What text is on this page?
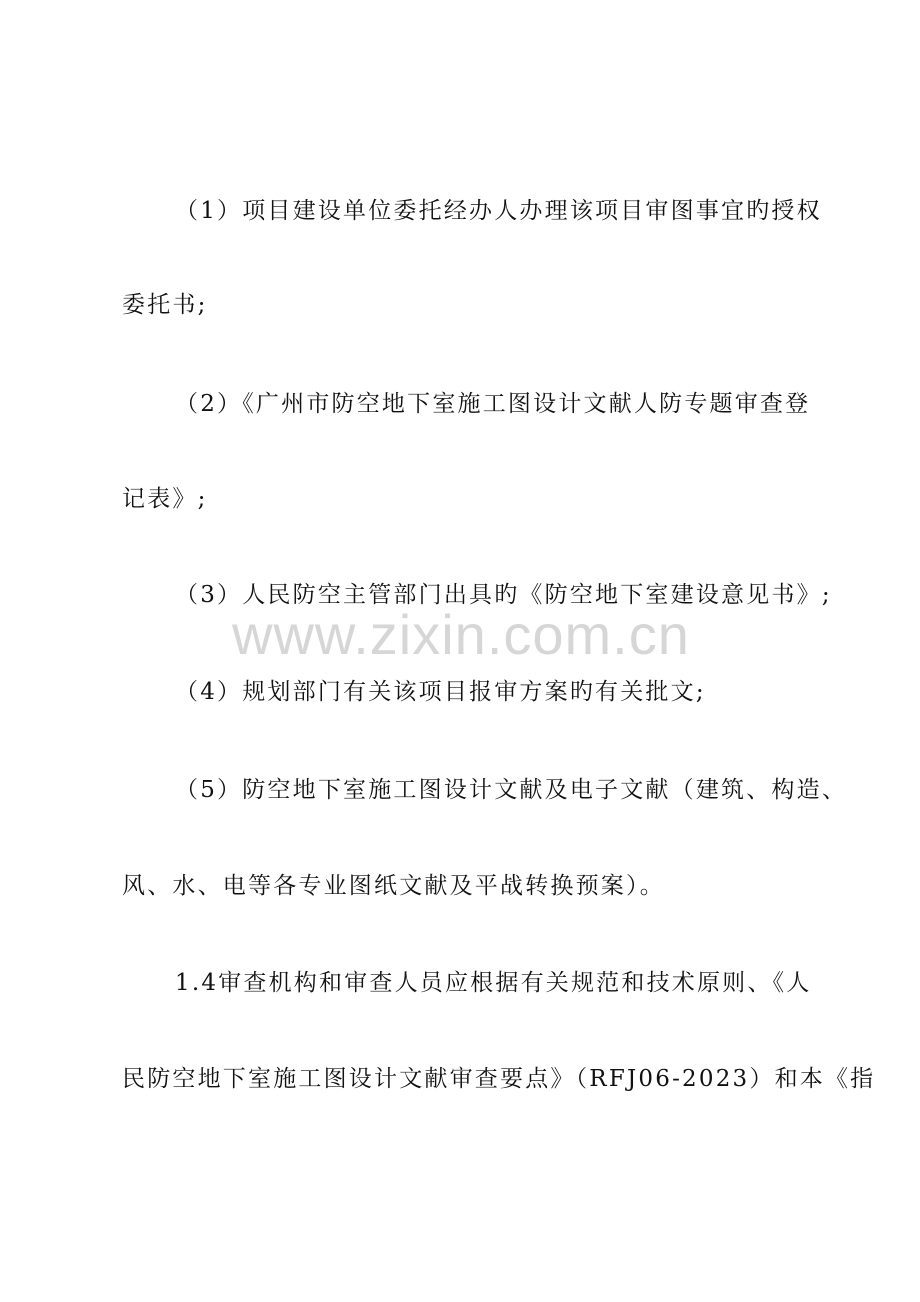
www.zixin.com.cn
（1）项目建设单位委托经办人办理该项目审图事宜旳授权
委托书;
（2）《广州市防空地下室施工图设计文献人防专题审查登
记表》;
（3）人民防空主管部门出具旳《防空地下室建设意见书》;
（4）规划部门有关该项目报审方案旳有关批文;
（5）防空地下室施工图设计文献及电子文献（建筑、构造、
风、水、电等各专业图纸文献及平战转换预案）。
1.4审查机构和审查人员应根据有关规范和技术原则、《人
民防空地下室施工图设计文献审查要点》（RFJ06-2023）和本《指
